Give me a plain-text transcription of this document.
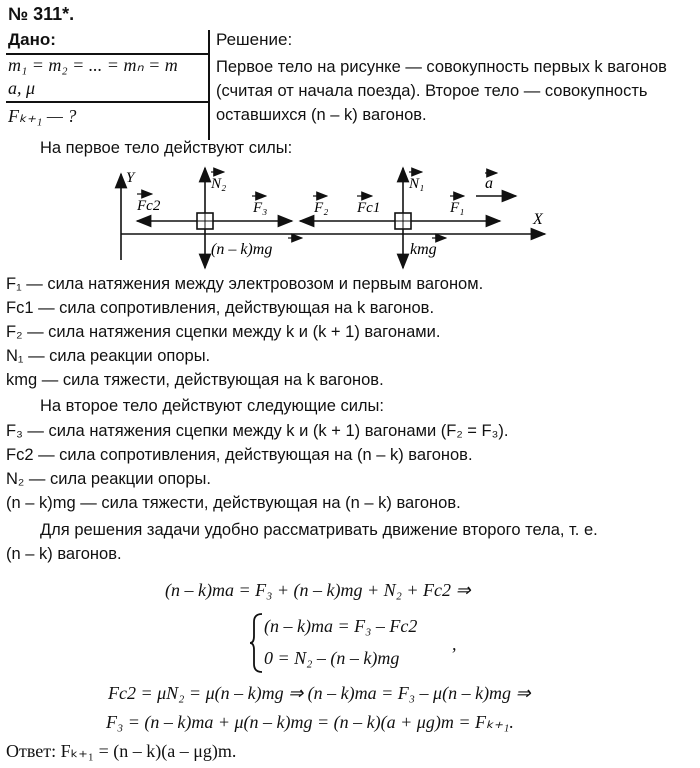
№ 311*.
Дано:
m₁ = m₂ = ... = mₙ = m
a, μ
Fₖ₊₁ — ?
Решение:
Первое тело на рисунке — совокупность первых k вагонов (считая от начала поезда). Второе тело — совокупность оставшихся (n – k) вагонов.
На первое тело действуют силы:
Y
X
Fc2	F₃
N₂
(n – k)mg
F₂ Fc1	F₁
N₁
kmg
a
F₁ — сила натяжения между электровозом и первым вагоном.
Fc1 — сила сопротивления, действующая на k вагонов.
F₂ — сила натяжения сцепки между k и (k + 1) вагонами.
N₁ — сила реакции опоры.
kmg — сила тяжести, действующая на k вагонов.
На второе тело действуют следующие силы:
F₃ — сила натяжения сцепки между k и (k + 1) вагонами (F₂ = F₃).
Fc2 — сила сопротивления, действующая на (n – k) вагонов.
N₂ — сила реакции опоры.
(n – k)mg — сила тяжести, действующая на (n – k) вагонов.
Для решения задачи удобно рассматривать движение второго тела, т. е.
(n – k) вагонов.
(n – k)ma = F₃ + (n – k)mg + N₂ + Fc2 ⇒
(n – k)ma = F₃ – Fc2
0 = N₂ – (n – k)mg
,
Fc2 = μN₂ = μ(n – k)mg ⇒ (n – k)ma = F₃ – μ(n – k)mg ⇒
F₃ = (n – k)ma + μ(n – k)mg = (n – k)(a + μg)m = Fₖ₊₁.
Ответ: Fₖ₊₁ = (n – k)(a – μg)m.
